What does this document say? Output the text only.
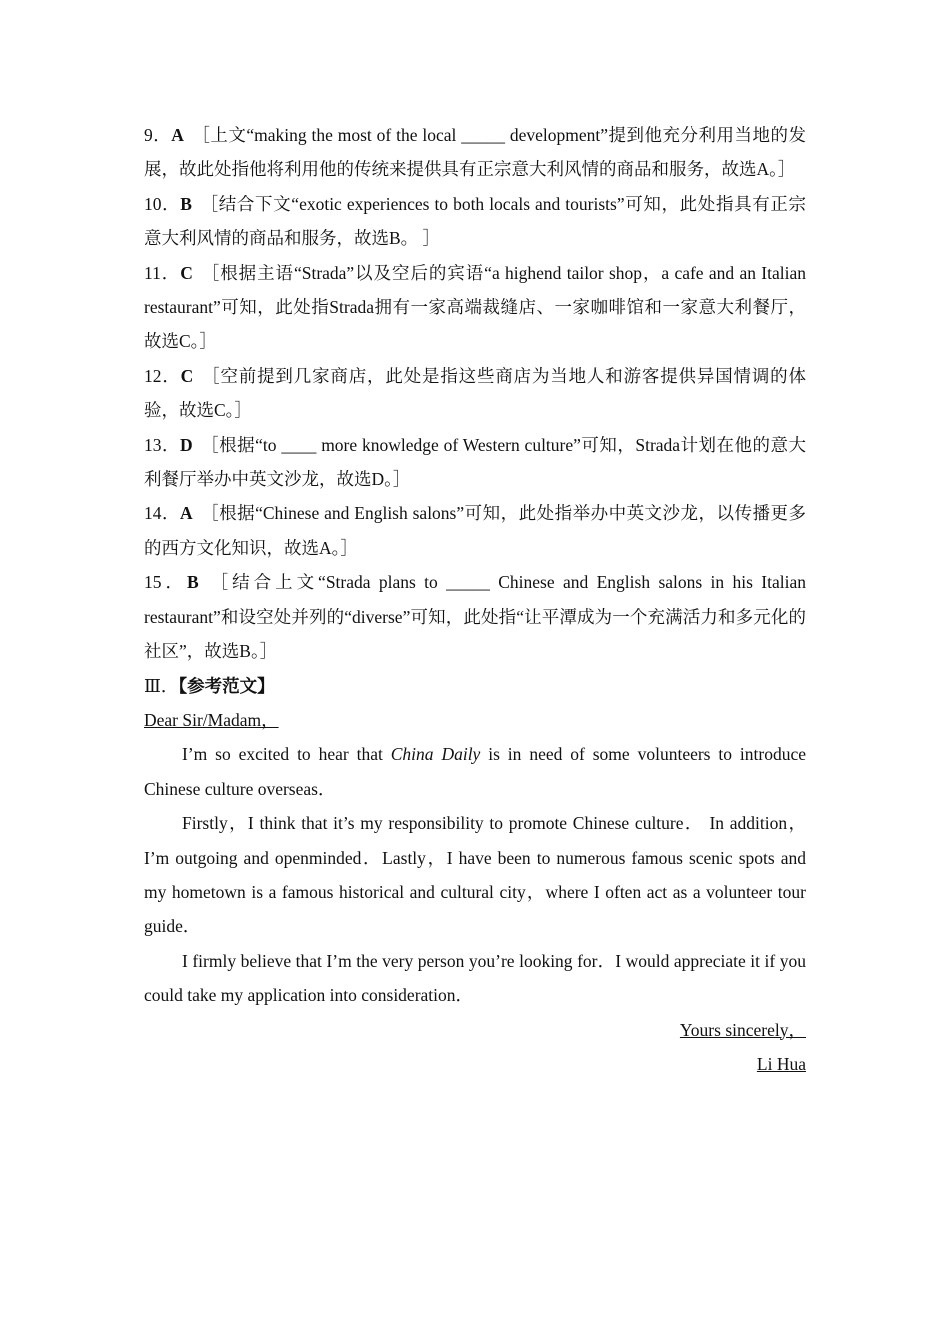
9．A ［上文“making the most of the local _____ development”提到他充分利用当地的发展，故此处指他将利用他的传统来提供具有正宗意大利风情的商品和服务，故选A。］

10．B ［结合下文“exotic experiences to both locals and tourists”可知，此处指具有正宗意大利风情的商品和服务，故选B。 ］

11．C ［根据主语“Strada”以及空后的宾语“a highend tailor shop，a cafe and an Italian restaurant”可知，此处指Strada拥有一家高端裁缝店、一家咖啡馆和一家意大利餐厅，故选C。］

12．C ［空前提到几家商店，此处是指这些商店为当地人和游客提供异国情调的体验，故选C。］

13．D ［根据“to ____ more knowledge of Western culture”可知，Strada计划在他的意大利餐厅举办中英文沙龙，故选D。］

14．A ［根据“Chinese and English salons”可知，此处指举办中英文沙龙，以传播更多的西方文化知识，故选A。］

15．B ［结合上文“Strada plans to _____ Chinese and English salons in his Italian restaurant”和设空处并列的“diverse”可知，此处指“让平潭成为一个充满活力和多元化的社区”，故选B。］

Ⅲ．【参考范文】

Dear Sir/Madam，

I’m so excited to hear that China Daily is in need of some volunteers to introduce Chinese culture overseas．

Firstly，I think that it’s my responsibility to promote Chinese culture． In addition，I’m outgoing and openminded．Lastly，I have been to numerous famous scenic spots and my hometown is a famous historical and cultural city，where I often act as a volunteer tour guide．

I firmly believe that I’m the very person you’re looking for．I would appreciate it if you could take my application into consideration．

Yours sincerely，

Li Hua
